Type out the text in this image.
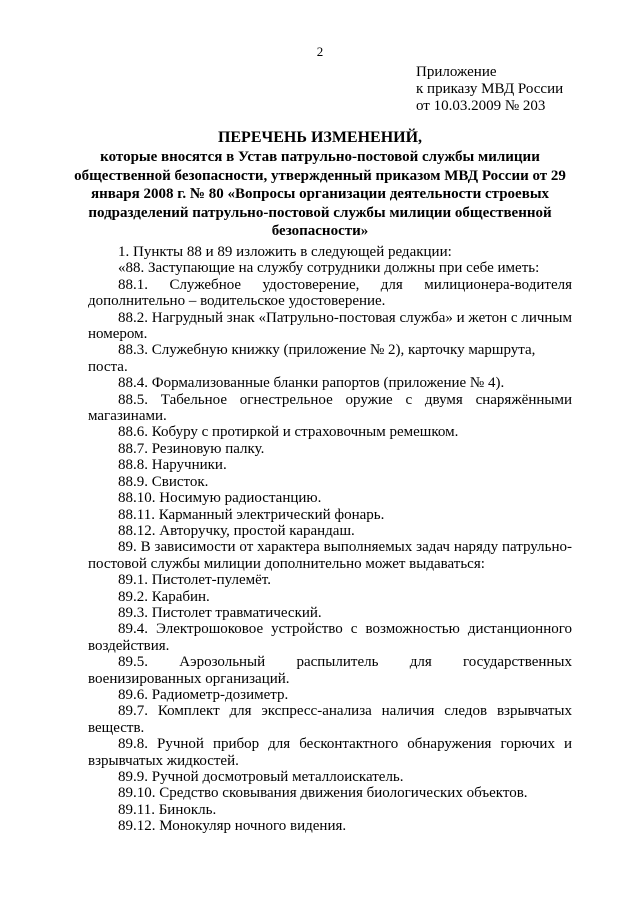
2
Приложение
к приказу МВД России
от 10.03.2009 № 203
ПЕРЕЧЕНЬ ИЗМЕНЕНИЙ,
которые вносятся в Устав патрульно-постовой службы милиции общественной безопасности, утвержденный приказом МВД России от 29 января 2008 г. № 80 «Вопросы организации деятельности строевых подразделений патрульно-постовой службы милиции общественной безопасности»

1. Пункты 88 и 89 изложить в следующей редакции:

«88. Заступающие на службу сотрудники должны при себе иметь:

88.1. Служебное удостоверение, для милиционера-водителя дополнительно – водительское удостоверение.

88.2. Нагрудный знак «Патрульно-постовая служба» и жетон с личным номером.

88.3. Служебную книжку (приложение № 2), карточку маршрута, поста.

88.4. Формализованные бланки рапортов (приложение № 4).

88.5. Табельное огнестрельное оружие с двумя снаряжёнными магазинами.

88.6. Кобуру с протиркой и страховочным ремешком.

88.7. Резиновую палку.

88.8. Наручники.

88.9. Свисток.

88.10. Носимую радиостанцию.

88.11. Карманный электрический фонарь.

88.12. Авторучку, простой карандаш.

89. В зависимости от характера выполняемых задач наряду патрульно-постовой службы милиции дополнительно может выдаваться:

89.1. Пистолет-пулемёт.

89.2. Карабин.

89.3. Пистолет травматический.

89.4. Электрошоковое устройство с возможностью дистанционного воздействия.

89.5. Аэрозольный распылитель для государственных военизированных организаций.

89.6. Радиометр-дозиметр.

89.7. Комплект для экспресс-анализа наличия следов взрывчатых веществ.

89.8. Ручной прибор для бесконтактного обнаружения горючих и взрывчатых жидкостей.

89.9. Ручной досмотровый металлоискатель.

89.10. Средство сковывания движения биологических объектов.

89.11. Бинокль.

89.12. Монокуляр ночного видения.
